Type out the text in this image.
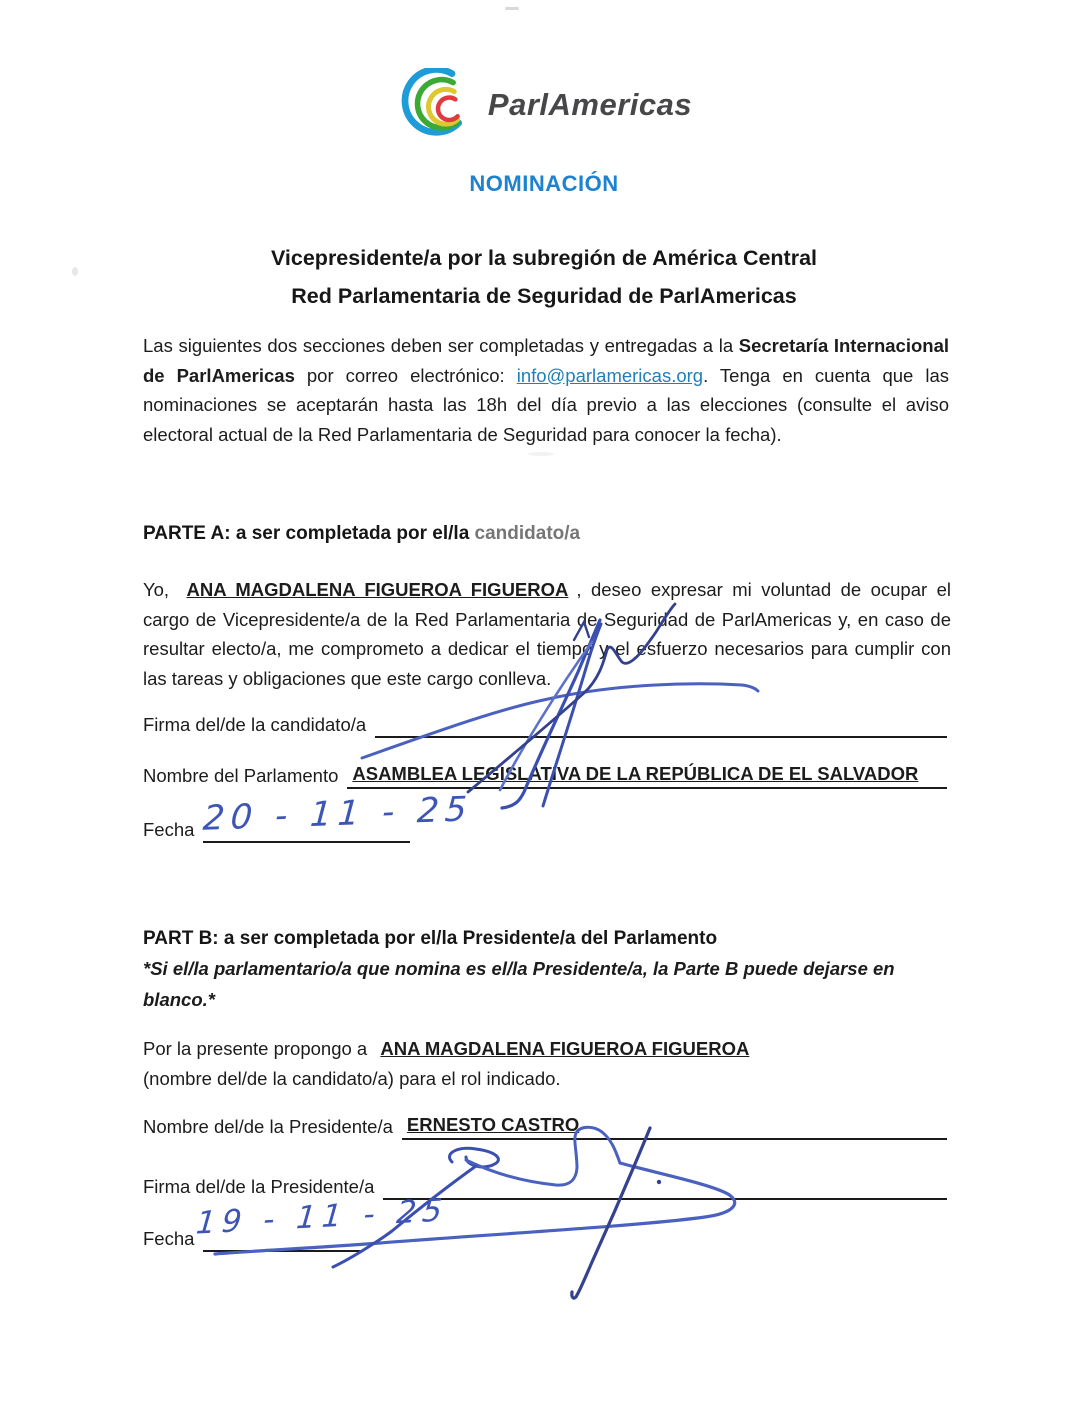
ParlAmericas
NOMINACIÓN
Vicepresidente/a por la subregión de América Central
Red Parlamentaria de Seguridad de ParlAmericas

Las siguientes dos secciones deben ser completadas y entregadas a la Secretaría Internacional de ParlAmericas por correo electrónico: info@parlamericas.org. Tenga en cuenta que las nominaciones se aceptarán hasta las 18h del día previo a las elecciones (consulte el aviso electoral actual de la Red Parlamentaria de Seguridad para conocer la fecha).

PARTE A: a ser completada por el/la candidato/a

Yo, ANA MAGDALENA FIGUEROA FIGUEROA , deseo expresar mi voluntad de ocupar el cargo de Vicepresidente/a de la Red Parlamentaria de Seguridad de ParlAmericas y, en caso de resultar electo/a, me comprometo a dedicar el tiempo y el esfuerzo necesarios para cumplir con las tareas y obligaciones que este cargo conlleva.

Firma del/de la candidato/a
Nombre del Parlamento ASAMBLEA LEGISLATIVA DE LA REPÚBLICA DE EL SALVADOR
Fecha 20 - 11 - 25
PART B: a ser completada por el/la Presidente/a del Parlamento

*Si el/la parlamentario/a que nomina es el/la Presidente/a, la Parte B puede dejarse en blanco.*

Por la presente propongo a ANA MAGDALENA FIGUEROA FIGUEROA
(nombre del/de la candidato/a) para el rol indicado.
Nombre del/de la Presidente/a ERNESTO CASTRO
Firma del/de la Presidente/a
Fecha 19 - 11 - 25
